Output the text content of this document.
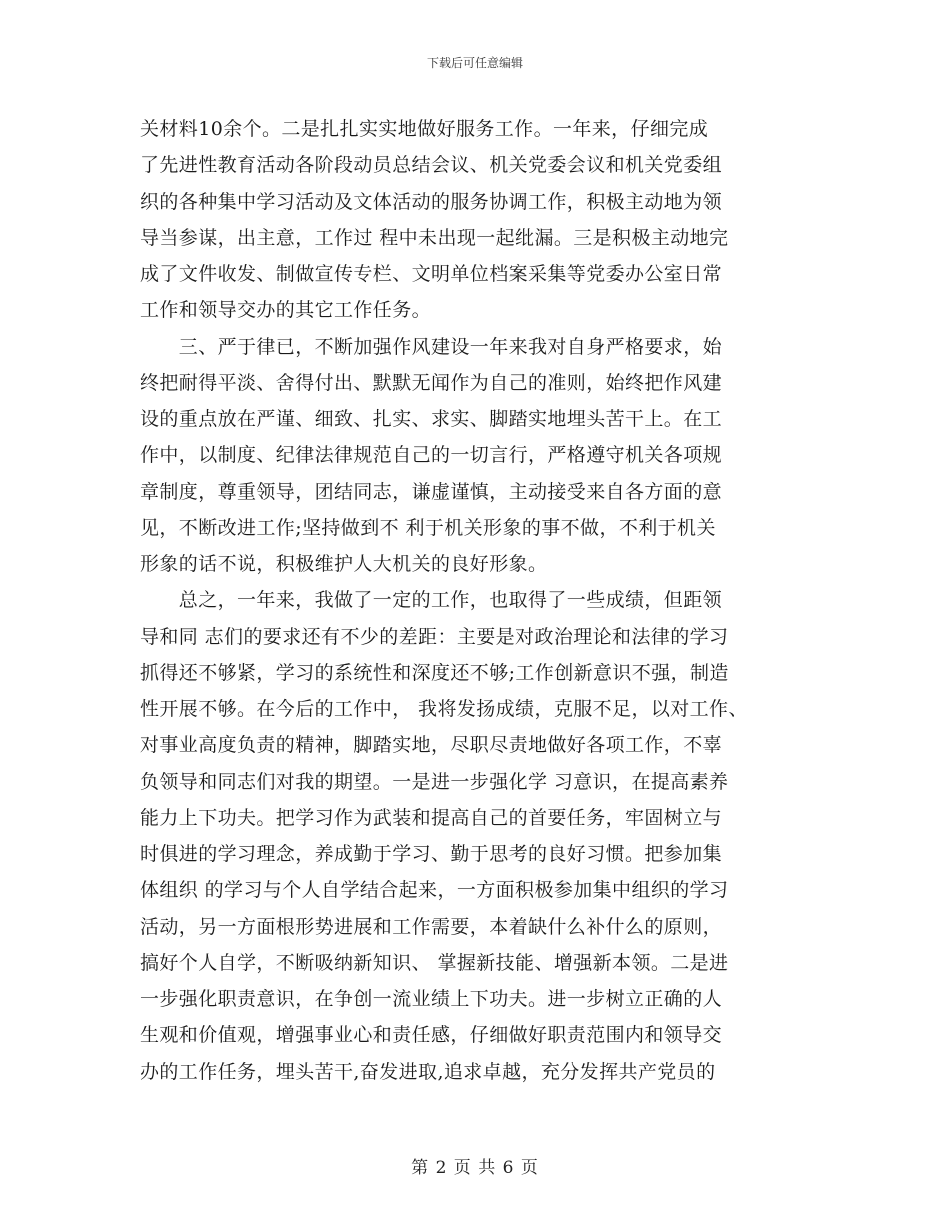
下载后可任意编辑
关材料10余个。二是扎扎实实地做好服务工作。一年来，仔细完成
了先进性教育活动各阶段动员总结会议、机关党委会议和机关党委组
织的各种集中学习活动及文体活动的服务协调工作，积极主动地为领
导当参谋，出主意，工作过 程中未出现一起纰漏。三是积极主动地完
成了文件收发、制做宣传专栏、文明单位档案采集等党委办公室日常
工作和领导交办的其它工作任务。
　　三、严于律已，不断加强作风建设一年来我对自身严格要求，始
终把耐得平淡、舍得付出、默默无闻作为自己的准则，始终把作风建
设的重点放在严谨、细致、扎实、求实、脚踏实地埋头苦干上。在工
作中，以制度、纪律法律规范自己的一切言行，严格遵守机关各项规
章制度，尊重领导，团结同志，谦虚谨慎，主动接受来自各方面的意
见，不断改进工作;坚持做到不 利于机关形象的事不做，不利于机关
形象的话不说，积极维护人大机关的良好形象。
　　总之，一年来，我做了一定的工作，也取得了一些成绩，但距领
导和同 志们的要求还有不少的差距：主要是对政治理论和法律的学习
抓得还不够紧，学习的系统性和深度还不够;工作创新意识不强，制造
性开展不够。在今后的工作中， 我将发扬成绩，克服不足，以对工作、
对事业高度负责的精神，脚踏实地，尽职尽责地做好各项工作，不辜
负领导和同志们对我的期望。一是进一步强化学 习意识，在提高素养
能力上下功夫。把学习作为武装和提高自己的首要任务，牢固树立与
时俱进的学习理念，养成勤于学习、勤于思考的良好习惯。把参加集
体组织 的学习与个人自学结合起来，一方面积极参加集中组织的学习
活动，另一方面根形势进展和工作需要，本着缺什么补什么的原则，
搞好个人自学，不断吸纳新知识、 掌握新技能、增强新本领。二是进
一步强化职责意识，在争创一流业绩上下功夫。进一步树立正确的人
生观和价值观，增强事业心和责任感，仔细做好职责范围内和领导交
办的工作任务，埋头苦干,奋发进取,追求卓越，充分发挥共产党员的
第 2 页 共 6 页
